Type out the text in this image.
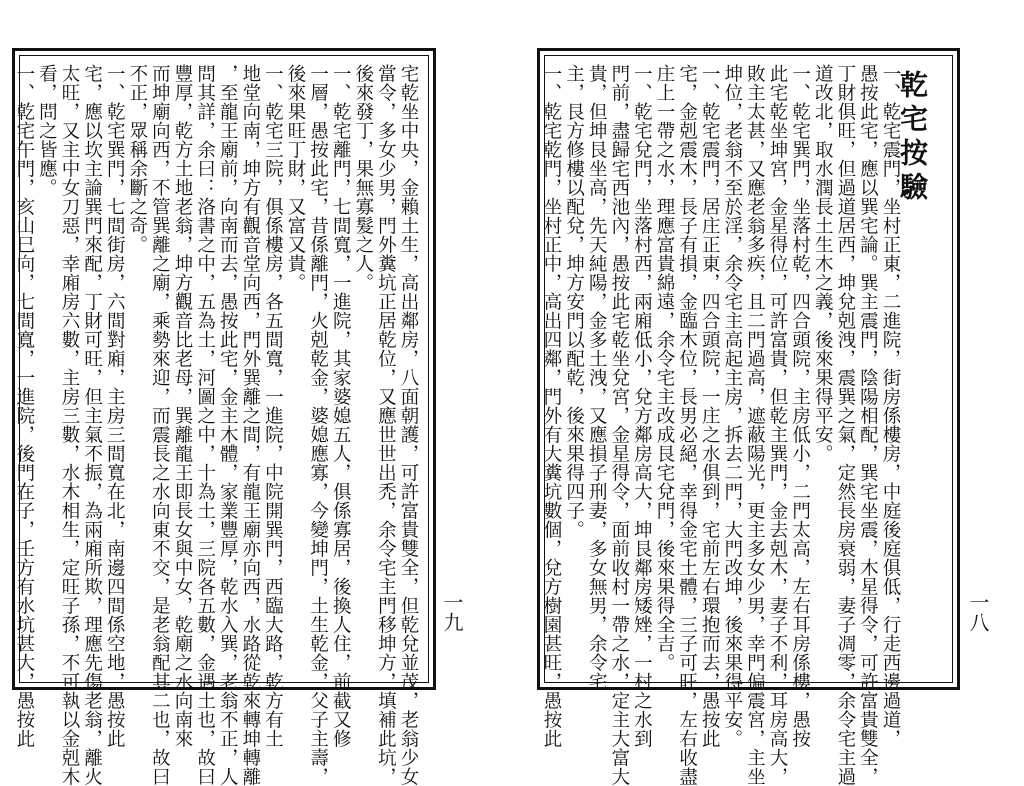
宅乾坐中央，金賴土生，高出鄰房，八面朝護，可許富貴雙全，但乾兌並茂，老翁少女
當令，多女少男，門外糞坑正居乾位，又應世世出禿，余令宅主門移坤方，填補此坑，
後來發丁，果無寡髮之人。
一、乾宅離門，七間寬，一進院，其家婆媳五人，俱係寡居，後換人住，前截又修
一層，愚按此宅，昔係離門，火剋乾金，婆媳應寡，今變坤門，土生乾金，父子主壽，
後來果旺丁財，又富又貴。
一、乾宅三院，俱係樓房，各五間寬，一進院，中院開巽門，西臨大路，乾方有土
地堂向南，坤方有觀音堂向西，門外巽離之間，有龍王廟亦向西，水路從乾來轉坤轉離
，至龍王廟前，向南而去，愚按此宅，金主木體，家業豐厚，乾水入巽，老翁不正，人
問其詳，余曰：洛書之中，五為土，河圖之中，十為土，三院各五數，金遇土也，故曰
豐厚，乾方土地老翁，坤方觀音比老母，巽離龍王即長女與中女，乾廟之水向南來
而坤廟向西，不管巽離之廟，乘勢來迎，而震長之水向東不交，是老翁配其二也，故曰
不正，眾稱余斷之奇。
一、乾宅巽門，七間街房，六間對廂，主房三間寬在北，南邊四間係空地，愚按此
宅，應以坎主論巽門來配，丁財可旺，但主氣不振，為兩廂所欺，理應先傷老翁，離火
太旺，又主中女刀惡，幸廂房六數，主房三數，水木相生，定旺子孫，不可執以金剋木
看，問之皆應。
一、乾宅午門，亥山巳向，七間寬，一進院，後門在子，壬方有水坑甚大，愚按此	一九
乾宅按驗
一、乾宅震門，坐村正東，二進院，街房係樓房，中庭後庭俱低，行走西邊過道，
愚按此宅，應以巽宅論。巽主震門，陰陽相配，巽宅坐震，木星得令，可許富貴雙全，
丁財俱旺，但過道居西，坤兌剋洩，震巽之氣，定然長房衰弱，妻子凋零，余令宅主過
道改北，取水潤長土生木之義，後來果得平安。
一、乾宅巽門，坐落村乾，四合頭院，主房低小，二門太高，左右耳房係樓，愚按
此宅乾坐坤宮，金星得位，可許富貴，但乾主巽門，金去剋木，妻子不利，耳房高大，
敗主太甚，又應老翁多疾，且二門過高，遮蔽陽光，更主多女少男，幸門偏震宮，主坐
坤位，老翁不至於淫，余令宅主高起主房，拆去二門，大門改坤，後來果得平安。
一、乾宅震門，居庄正東，四合頭院，一庄之水俱到，宅前左右環抱而去，愚按此
宅，金剋震木，長子有損，金臨木位，長男必絕，幸得金宅土體，三子可旺，左右收盡
庄上一帶之水，理應富貴綿遠，余令宅主改成艮宅兌門，後來果得全吉。
一、乾宅兌門，坐落村西，兩廂低小，兌方鄰房高大，坤艮鄰房矮矬，一村之水到
門前，盡歸宅西池內，愚按此宅乾坐兌宮，金星得令，面前收村一帶之水，定主大富大
貴，但坤艮坐高，先天純陽，金多土洩，又應損子刑妻，多女無男，余令宅
主，艮方修樓以配兌，坤方安門以配乾，後來果得四子。
一、乾宅乾門，坐村正中，高出四鄰，門外有大糞坑數個，兌方樹園甚旺，愚按此	一八
